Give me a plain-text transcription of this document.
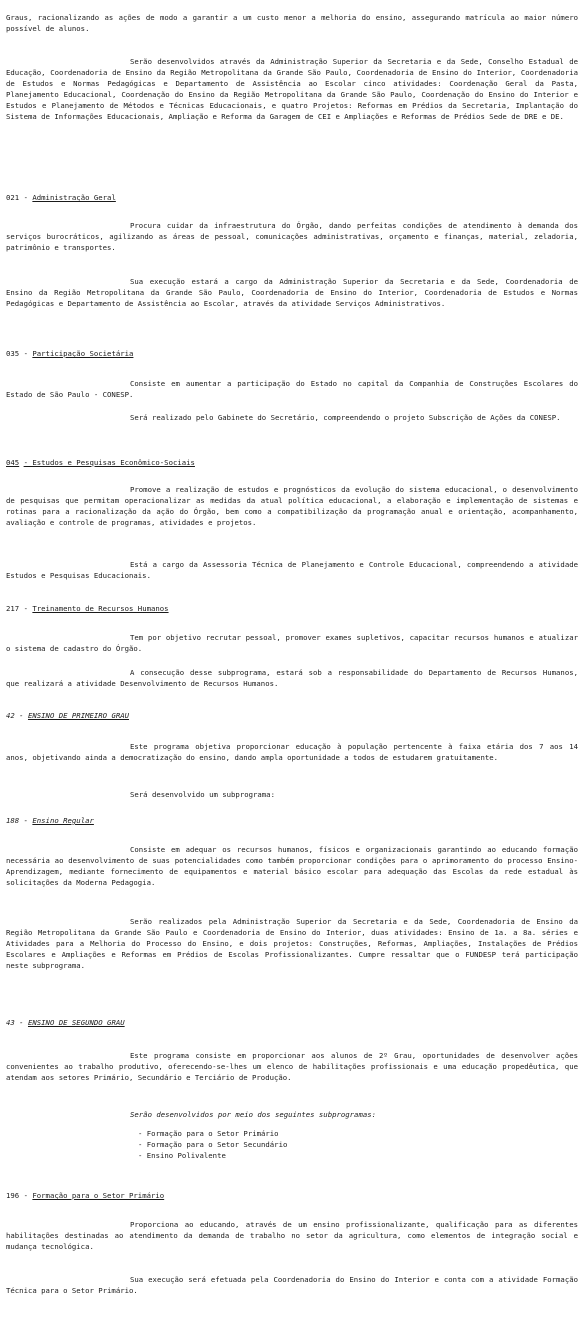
Graus, racionalizando as ações de modo a garantir a um custo menor a melhoria do ensino, assegurando matrícula ao maior número possível de alunos.

Serão desenvolvidos através da Administração Superior da Secretaria e da Sede, Conselho Estadual de Educação, Coordenadoria de Ensino da Região Metropolitana da Grande São Paulo, Coordenadoria de Ensino do Interior, Coordenadoria de Estudos e Normas Pedagógicas e Departamento de Assistência ao Escolar cinco atividades: Coordenação Geral da Pasta, Planejamento Educacional, Coordenação do Ensino da Região Metropolitana da Grande São Paulo, Coordenação do Ensino do Interior e Estudos e Planejamento de Métodos e Técnicas Educacionais, e quatro Projetos: Reformas em Prédios da Secretaria, Implantação do Sistema de Informações Educacionais, Ampliação e Reforma da Garagem de CEI e Ampliações e Reformas de Prédios Sede de DRE e DE.

021 - Administração Geral

Procura cuidar da infraestrutura do Órgão, dando perfeitas condições de atendimento à demanda dos serviços burocráticos, agilizando as áreas de pessoal, comunicações administrativas, orçamento e finanças, material, zeladoria, patrimônio e transportes.

Sua execução estará a cargo da Administração Superior da Secretaria e da Sede, Coordenadoria de Ensino da Região Metropolitana da Grande São Paulo, Coordenadoria de Ensino do Interior, Coordenadoria de Estudos e Normas Pedagógicas e Departamento de Assistência ao Escolar, através da atividade Serviços Administrativos.

035 - Participação Societária

Consiste em aumentar a participação do Estado no capital da Companhia de Construções Escolares do Estado de São Paulo - CONESP.

Será realizado pelo Gabinete do Secretário, compreendendo o projeto Subscrição de Ações da CONESP.

045 - Estudos e Pesquisas Econômico-Sociais

Promove a realização de estudos e prognósticos da evolução do sistema educacional, o desenvolvimento de pesquisas que permitam operacionalizar as medidas da atual política educacional, a elaboração e implementação de sistemas e rotinas para a racionalização da ação do Órgão, bem como a compatibilização da programação anual e orientação, acompanhamento, avaliação e controle de programas, atividades e projetos.

Está a cargo da Assessoria Técnica de Planejamento e Controle Educacional, compreendendo a atividade Estudos e Pesquisas Educacionais.

217 - Treinamento de Recursos Humanos

Tem por objetivo recrutar pessoal, promover exames supletivos, capacitar recursos humanos e atualizar o sistema de cadastro do Órgão.

A consecução desse subprograma, estará sob a responsabilidade do Departamento de Recursos Humanos, que realizará a atividade Desenvolvimento de Recursos Humanos.

42 - ENSINO DE PRIMEIRO GRAU

Este programa objetiva proporcionar educação à população pertencente à faixa etária dos 7 aos 14 anos, objetivando ainda a democratização do ensino, dando ampla oportunidade a todos de estudarem gratuitamente.

Será desenvolvido um subprograma:

188 - Ensino Regular

Consiste em adequar os recursos humanos, físicos e organizacionais garantindo ao educando formação necessária ao desenvolvimento de suas potencialidades como também proporcionar condições para o aprimoramento do processo Ensino-Aprendizagem, mediante fornecimento de equipamentos e material básico escolar para adequação das Escolas da rede estadual às solicitações da Moderna Pedagogia.

Serão realizados pela Administração Superior da Secretaria e da Sede, Coordenadoria de Ensino da Região Metropolitana da Grande São Paulo e Coordenadoria de Ensino do Interior, duas atividades: Ensino de 1a. a 8a. séries e Atividades para a Melhoria do Processo do Ensino, e dois projetos: Construções, Reformas, Ampliações, Instalações de Prédios Escolares e Ampliações e Reformas em Prédios de Escolas Profissionalizantes. Cumpre ressaltar que o FUNDESP terá participação neste subprograma.

43 - ENSINO DE SEGUNDO GRAU

Este programa consiste em proporcionar aos alunos de 2º Grau, oportunidades de desenvolver ações convenientes ao trabalho produtivo, oferecendo-se-lhes um elenco de habilitações profissionais e uma educação propedêutica, que atendam aos setores Primário, Secundário e Terciário de Produção.

Serão desenvolvidos por meio dos seguintes subprogramas:

- Formação para o Setor Primário
- Formação para o Setor Secundário
- Ensino Polivalente
196 - Formação para o Setor Primário

Proporciona ao educando, através de um ensino profissionalizante, qualificação para as diferentes habilitações destinadas ao atendimento da demanda de trabalho no setor da agricultura, como elementos de integração social e mudança tecnológica.

Sua execução será efetuada pela Coordenadoria do Ensino do Interior e conta com a atividade Formação Técnica para o Setor Primário.
